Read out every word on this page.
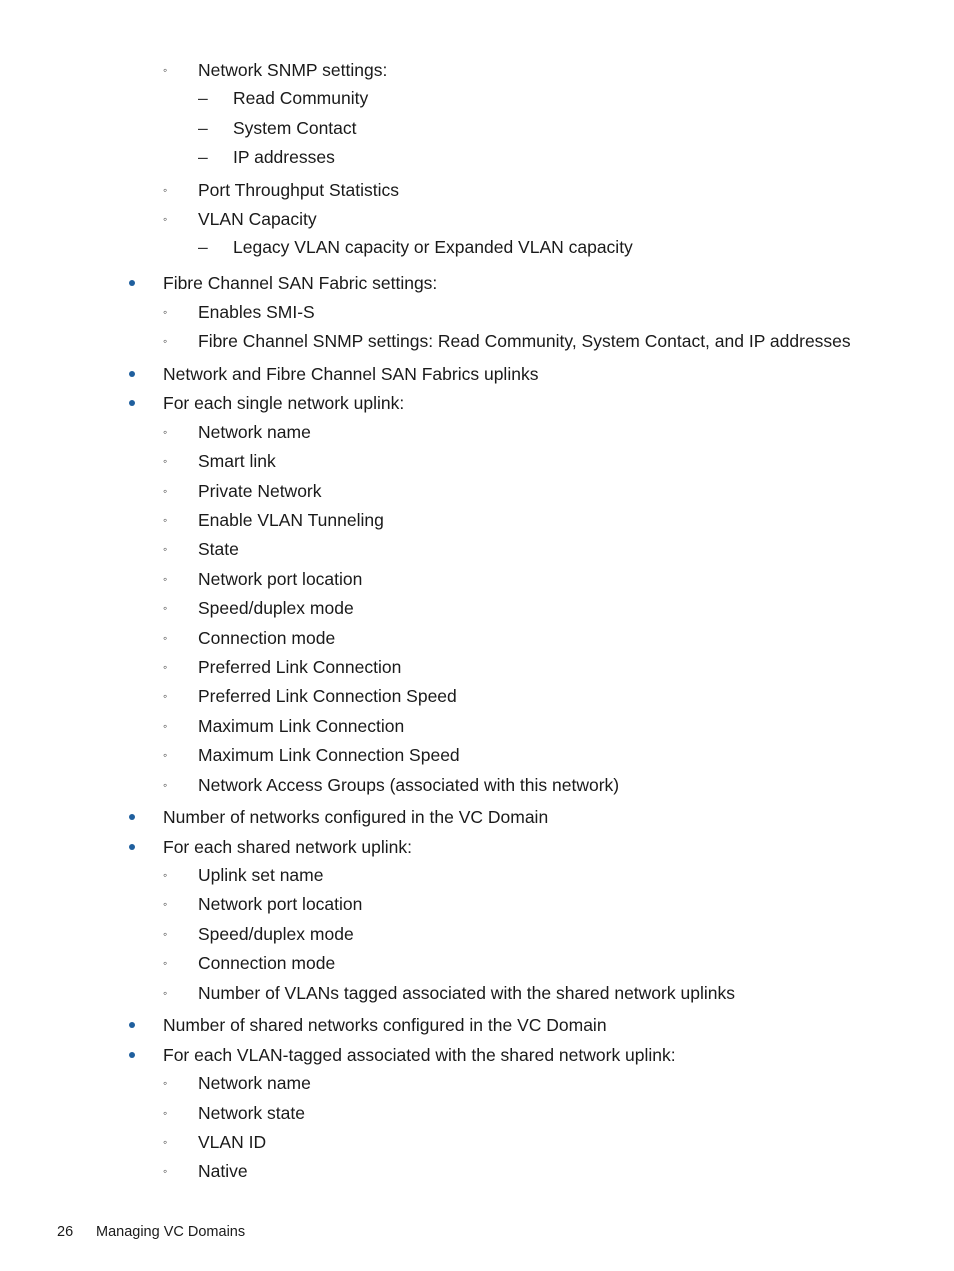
◦ Network SNMP settings:
– Read Community
– System Contact
– IP addresses
◦ Port Throughput Statistics
◦ VLAN Capacity
– Legacy VLAN capacity or Expanded VLAN capacity
Fibre Channel SAN Fabric settings:
◦ Enables SMI-S
◦ Fibre Channel SNMP settings: Read Community, System Contact, and IP addresses
Network and Fibre Channel SAN Fabrics uplinks
For each single network uplink:
◦ Network name
◦ Smart link
◦ Private Network
◦ Enable VLAN Tunneling
◦ State
◦ Network port location
◦ Speed/duplex mode
◦ Connection mode
◦ Preferred Link Connection
◦ Preferred Link Connection Speed
◦ Maximum Link Connection
◦ Maximum Link Connection Speed
◦ Network Access Groups (associated with this network)
Number of networks configured in the VC Domain
For each shared network uplink:
◦ Uplink set name
◦ Network port location
◦ Speed/duplex mode
◦ Connection mode
◦ Number of VLANs tagged associated with the shared network uplinks
Number of shared networks configured in the VC Domain
For each VLAN-tagged associated with the shared network uplink:
◦ Network name
◦ Network state
◦ VLAN ID
◦ Native
26 Managing VC Domains
